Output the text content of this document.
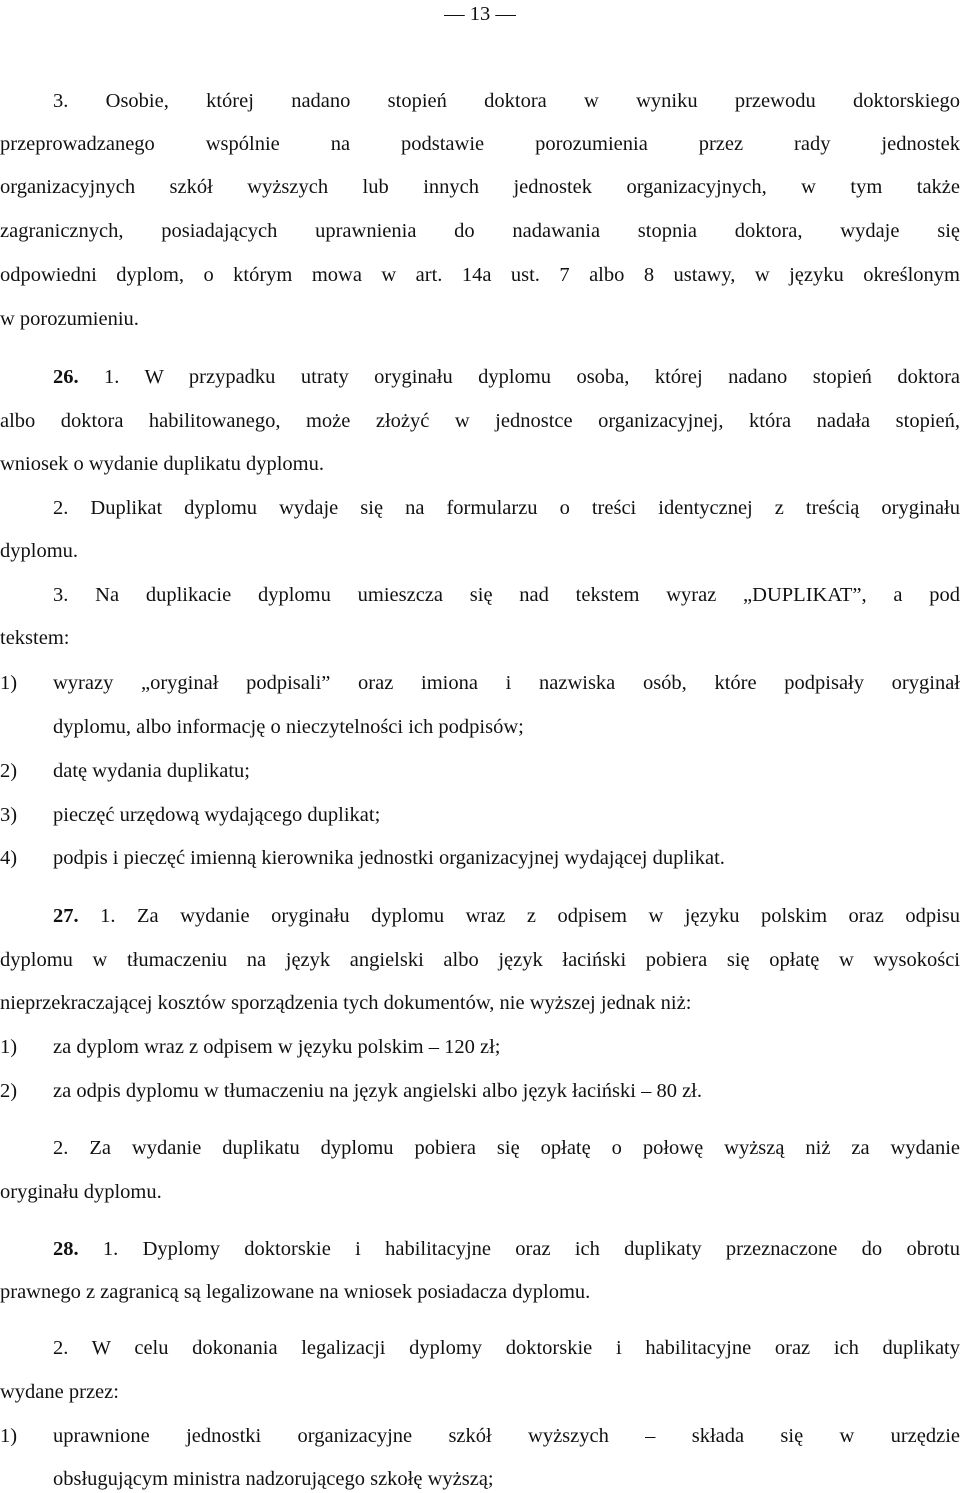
— 13 —
3. Osobie, której nadano stopień doktora w wyniku przewodu doktorskiego
przeprowadzanego wspólnie na podstawie porozumienia przez rady jednostek
organizacyjnych szkół wyższych lub innych jednostek organizacyjnych, w tym także
zagranicznych, posiadających uprawnienia do nadawania stopnia doktora, wydaje się
odpowiedni dyplom, o którym mowa w art. 14a ust. 7 albo 8 ustawy, w języku określonym
w porozumieniu.
26. 1. W przypadku utraty oryginału dyplomu osoba, której nadano stopień doktora
albo doktora habilitowanego, może złożyć w jednostce organizacyjnej, która nadała stopień,
wniosek o wydanie duplikatu dyplomu.
2. Duplikat dyplomu wydaje się na formularzu o treści identycznej z treścią oryginału
dyplomu.
3. Na duplikacie dyplomu umieszcza się nad tekstem wyraz „DUPLIKAT”, a pod
tekstem:
1) wyrazy „oryginał podpisali” oraz imiona i nazwiska osób, które podpisały oryginał
dyplomu, albo informację o nieczytelności ich podpisów;
2) datę wydania duplikatu;
3) pieczęć urzędową wydającego duplikat;
4) podpis i pieczęć imienną kierownika jednostki organizacyjnej wydającej duplikat.
27. 1. Za wydanie oryginału dyplomu wraz z odpisem w języku polskim oraz odpisu
dyplomu w tłumaczeniu na język angielski albo język łaciński pobiera się opłatę w wysokości
nieprzekraczającej kosztów sporządzenia tych dokumentów, nie wyższej jednak niż:
1) za dyplom wraz z odpisem w języku polskim – 120 zł;
2) za odpis dyplomu w tłumaczeniu na język angielski albo język łaciński – 80 zł.
2. Za wydanie duplikatu dyplomu pobiera się opłatę o połowę wyższą niż za wydanie
oryginału dyplomu.
28. 1. Dyplomy doktorskie i habilitacyjne oraz ich duplikaty przeznaczone do obrotu
prawnego z zagranicą są legalizowane na wniosek posiadacza dyplomu.
2. W celu dokonania legalizacji dyplomy doktorskie i habilitacyjne oraz ich duplikaty
wydane przez:
1) uprawnione jednostki organizacyjne szkół wyższych – składa się w urzędzie
obsługującym ministra nadzorującego szkołę wyższą;
